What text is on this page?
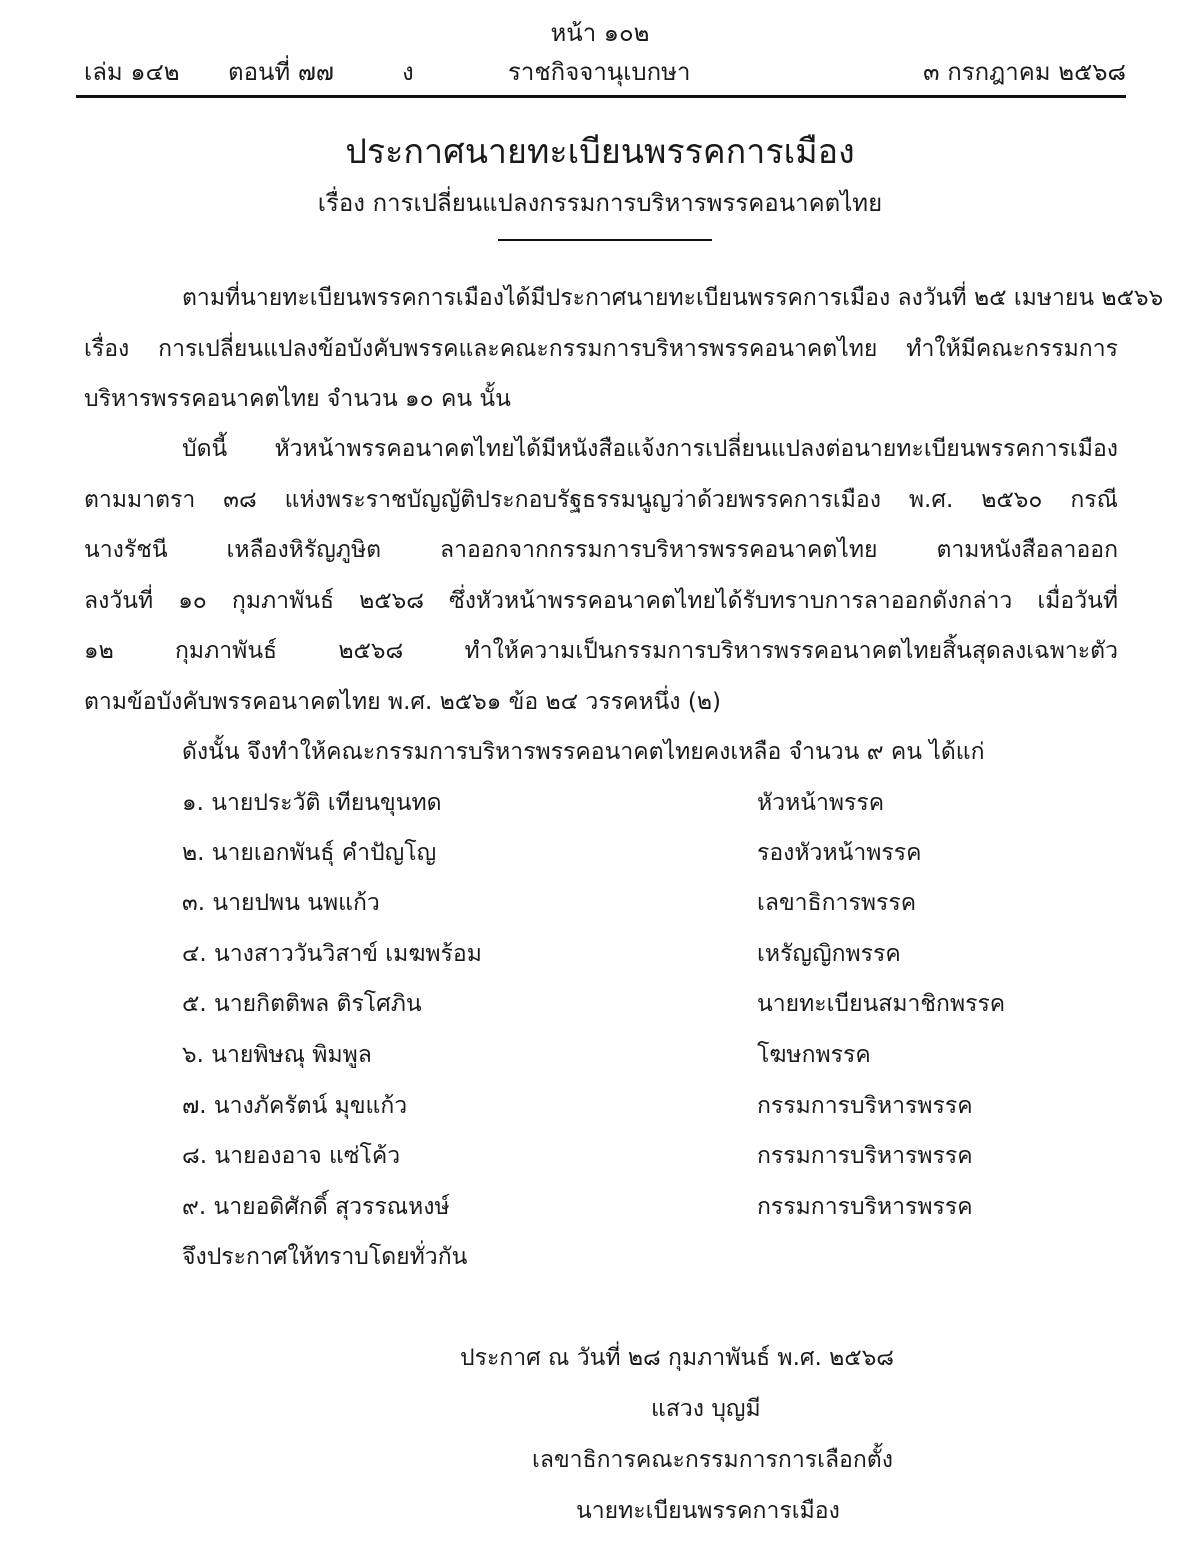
หน้า ๑๐๒
เล่ม ๑๔๒ ตอนที่ ๗๗	ง	ราชกิจจานุเบกษา	๓ กรกฎาคม ๒๕๖๘
ประกาศนายทะเบียนพรรคการเมือง
เรื่อง การเปลี่ยนแปลงกรรมการบริหารพรรคอนาคตไทย
ตามที่นายทะเบียนพรรคการเมืองได้มีประกาศนายทะเบียนพรรคการเมือง ลงวันที่ ๒๕ เมษายน ๒๕๖๖
เรื่อง การเปลี่ยนแปลงข้อบังคับพรรคและคณะกรรมการบริหารพรรคอนาคตไทย ทำให้มีคณะกรรมการ
บริหารพรรคอนาคตไทย จำนวน ๑๐ คน นั้น
บัดนี้ หัวหน้าพรรคอนาคตไทยได้มีหนังสือแจ้งการเปลี่ยนแปลงต่อนายทะเบียนพรรคการเมือง
ตามมาตรา ๓๘ แห่งพระราชบัญญัติประกอบรัฐธรรมนูญว่าด้วยพรรคการเมือง พ.ศ. ๒๕๖๐ กรณี
นางรัชนี เหลืองหิรัญภูษิต ลาออกจากกรรมการบริหารพรรคอนาคตไทย ตามหนังสือลาออก
ลงวันที่ ๑๐ กุมภาพันธ์ ๒๕๖๘ ซึ่งหัวหน้าพรรคอนาคตไทยได้รับทราบการลาออกดังกล่าว เมื่อวันที่
๑๒ กุมภาพันธ์ ๒๕๖๘ ทำให้ความเป็นกรรมการบริหารพรรคอนาคตไทยสิ้นสุดลงเฉพาะตัว
ตามข้อบังคับพรรคอนาคตไทย พ.ศ. ๒๕๖๑ ข้อ ๒๔ วรรคหนึ่ง (๒)
ดังนั้น จึงทำให้คณะกรรมการบริหารพรรคอนาคตไทยคงเหลือ จำนวน ๙ คน ได้แก่
๑. นายประวัติ เทียนขุนทด	หัวหน้าพรรค
๒. นายเอกพันธุ์ คำปัญโญ	รองหัวหน้าพรรค
๓. นายปพน นพแก้ว	เลขาธิการพรรค
๔. นางสาววันวิสาข์ เมฆพร้อม	เหรัญญิกพรรค
๕. นายกิตติพล ติรโศภิน	นายทะเบียนสมาชิกพรรค
๖. นายพิษณุ พิมพูล	โฆษกพรรค
๗. นางภัครัตน์ มุขแก้ว	กรรมการบริหารพรรค
๘. นายองอาจ แซ่โค้ว	กรรมการบริหารพรรค
๙. นายอดิศักดิ์ สุวรรณหงษ์	กรรมการบริหารพรรค
จึงประกาศให้ทราบโดยทั่วกัน
ประกาศ ณ วันที่ ๒๘ กุมภาพันธ์ พ.ศ. ๒๕๖๘
แสวง บุญมี
เลขาธิการคณะกรรมการการเลือกตั้ง
นายทะเบียนพรรคการเมือง
